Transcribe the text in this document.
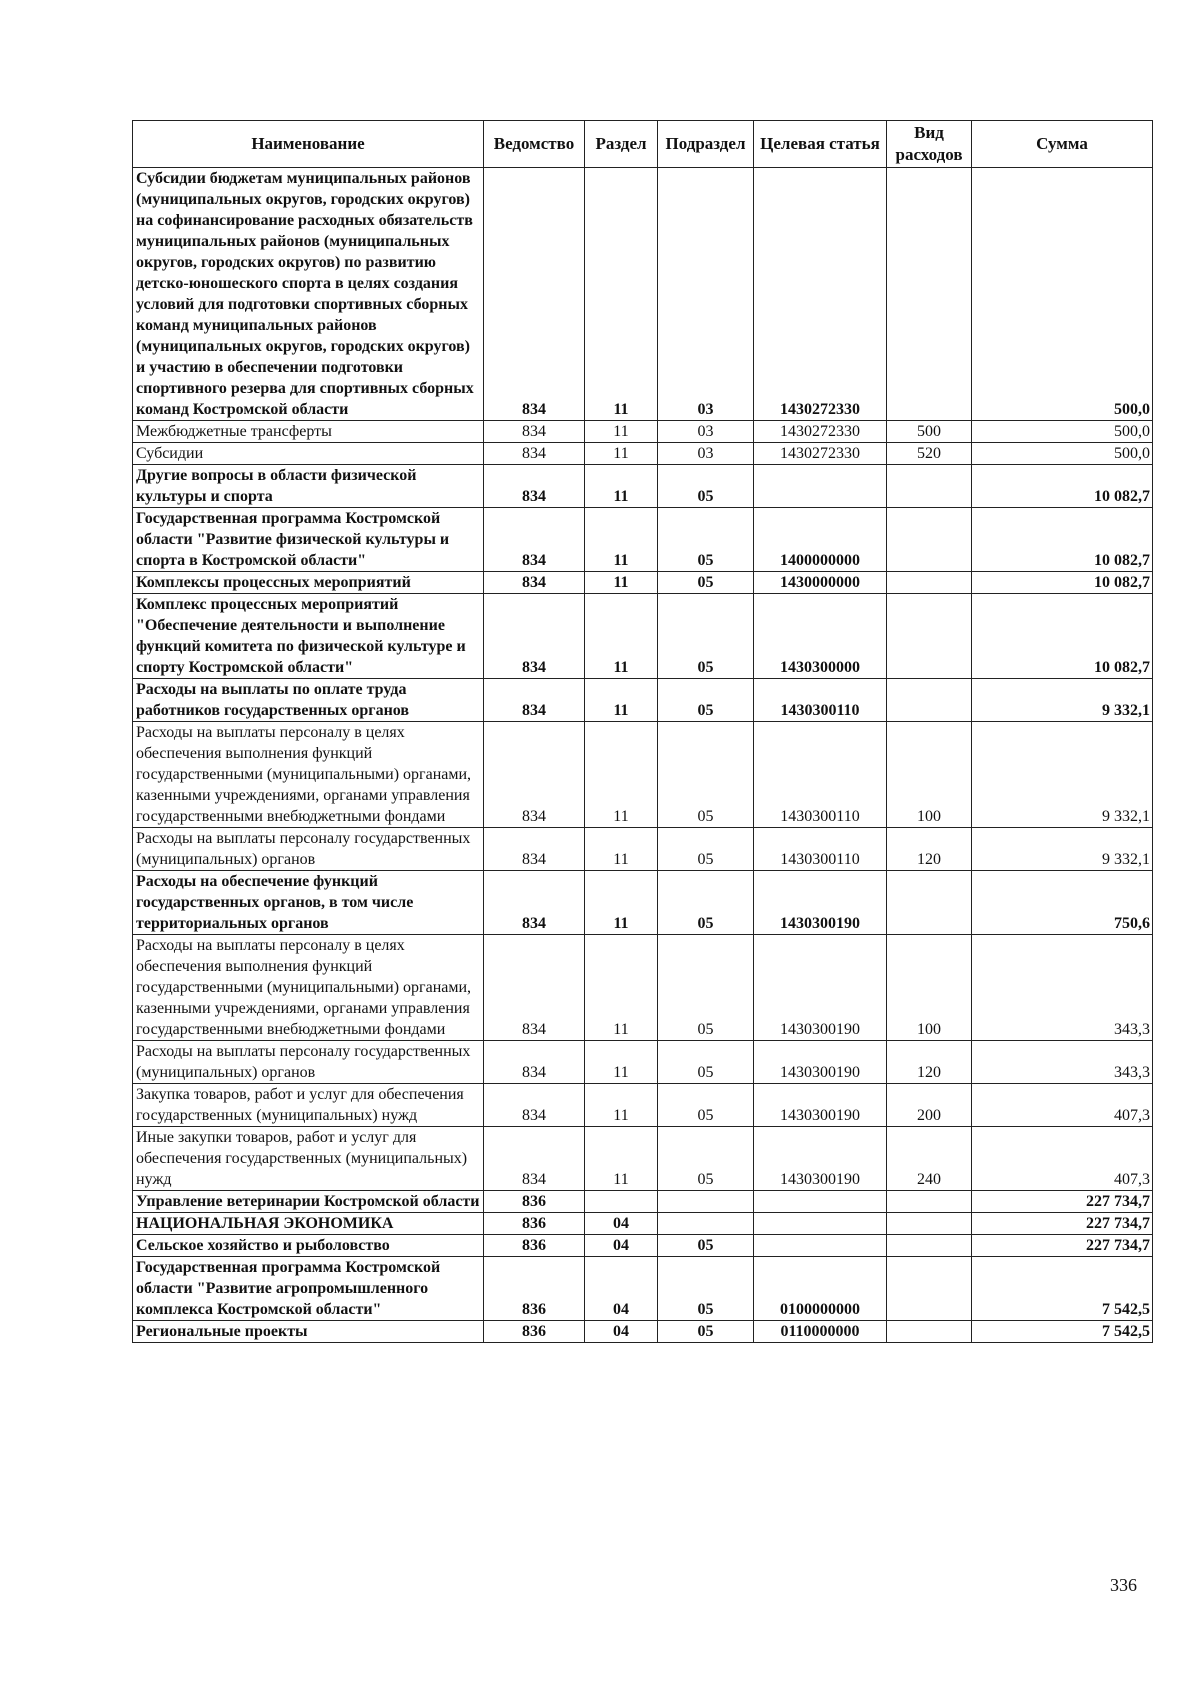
Наименование	Ведомство	Раздел	Подраздел	Целевая статья	Вид расходов	Сумма
Субсидии бюджетам муниципальных районов (муниципальных округов, городских округов) на софинансирование расходных обязательств муниципальных районов (муниципальных округов, городских округов) по развитию детско-юношеского спорта в целях создания условий для подготовки спортивных сборных команд муниципальных районов (муниципальных округов, городских округов) и участию в обеспечении подготовки спортивного резерва для спортивных сборных команд Костромской области	834	11	03	1430272330		500,0
Межбюджетные трансферты	834	11	03	1430272330	500	500,0
Субсидии	834	11	03	1430272330	520	500,0
Другие вопросы в области физической культуры и спорта	834	11	05			10 082,7
Государственная программа Костромской области "Развитие физической культуры и спорта в Костромской области"	834	11	05	1400000000		10 082,7
Комплексы процессных мероприятий	834	11	05	1430000000		10 082,7
Комплекс процессных мероприятий "Обеспечение деятельности и выполнение функций комитета по физической культуре и спорту Костромской области"	834	11	05	1430300000		10 082,7
Расходы на выплаты по оплате труда работников государственных органов	834	11	05	1430300110		9 332,1
Расходы на выплаты персоналу в целях обеспечения выполнения функций государственными (муниципальными) органами, казенными учреждениями, органами управления государственными внебюджетными фондами	834	11	05	1430300110	100	9 332,1
Расходы на выплаты персоналу государственных (муниципальных) органов	834	11	05	1430300110	120	9 332,1
Расходы на обеспечение функций государственных органов, в том числе территориальных органов	834	11	05	1430300190		750,6
Расходы на выплаты персоналу в целях обеспечения выполнения функций государственными (муниципальными) органами, казенными учреждениями, органами управления государственными внебюджетными фондами	834	11	05	1430300190	100	343,3
Расходы на выплаты персоналу государственных (муниципальных) органов	834	11	05	1430300190	120	343,3
Закупка товаров, работ и услуг для обеспечения государственных (муниципальных) нужд	834	11	05	1430300190	200	407,3
Иные закупки товаров, работ и услуг для обеспечения государственных (муниципальных) нужд	834	11	05	1430300190	240	407,3
Управление ветеринарии Костромской области	836					227 734,7
НАЦИОНАЛЬНАЯ ЭКОНОМИКА	836	04				227 734,7
Сельское хозяйство и рыболовство	836	04	05			227 734,7
Государственная программа Костромской области "Развитие агропромышленного комплекса Костромской области"	836	04	05	0100000000		7 542,5
Региональные проекты	836	04	05	0110000000		7 542,5
336
